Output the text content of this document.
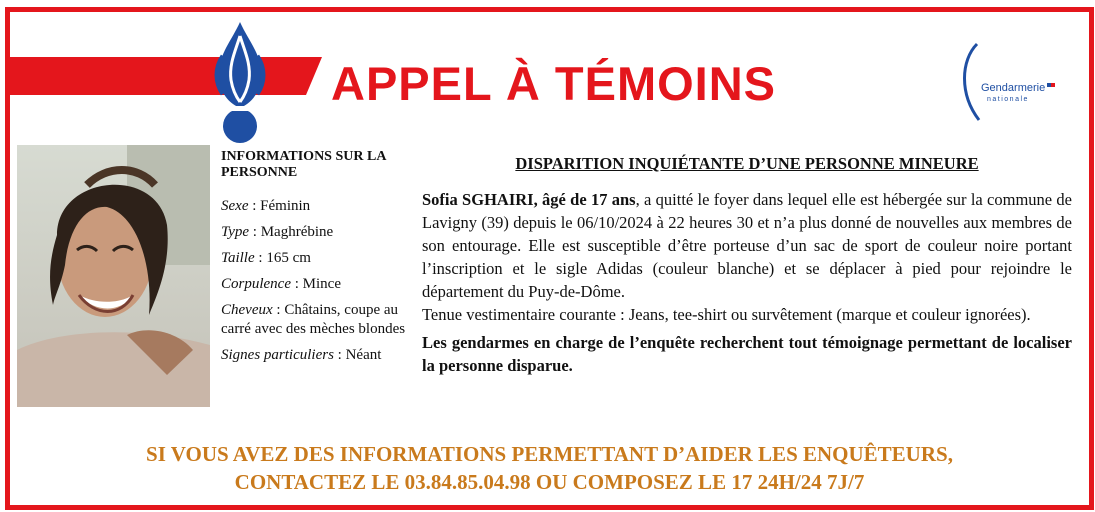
APPEL À TÉMOINS	Gendarmerie
nationale
INFORMATIONS SUR LA PERSONNE
Sexe : Féminin
Type : Maghrébine
Taille : 165 cm
Corpulence : Mince
Cheveux : Châtains, coupe au carré avec des mèches blondes
Signes particuliers : Néant
DISPARITION INQUIÉTANTE D’UNE PERSONNE MINEURE

Sofia SGHAIRI, âgé de 17 ans, a quitté le foyer dans lequel elle est hébergée sur la commune de Lavigny (39) depuis le 06/10/2024 à 22 heures 30 et n’a plus donné de nouvelles aux membres de son entourage. Elle est susceptible d’être porteuse d’un sac de sport de couleur noire portant l’inscription et le sigle Adidas (couleur blanche) et se déplacer à pied pour rejoindre le département du Puy-de-Dôme.

Tenue vestimentaire courante : Jeans, tee-shirt ou survêtement (marque et couleur ignorées).

Les gendarmes en charge de l’enquête recherchent tout témoignage permettant de localiser la personne disparue.

SI VOUS AVEZ DES INFORMATIONS PERMETTANT D’AIDER LES ENQUÊTEURS,
CONTACTEZ LE 03.84.85.04.98 OU COMPOSEZ LE 17 24H/24 7J/7
